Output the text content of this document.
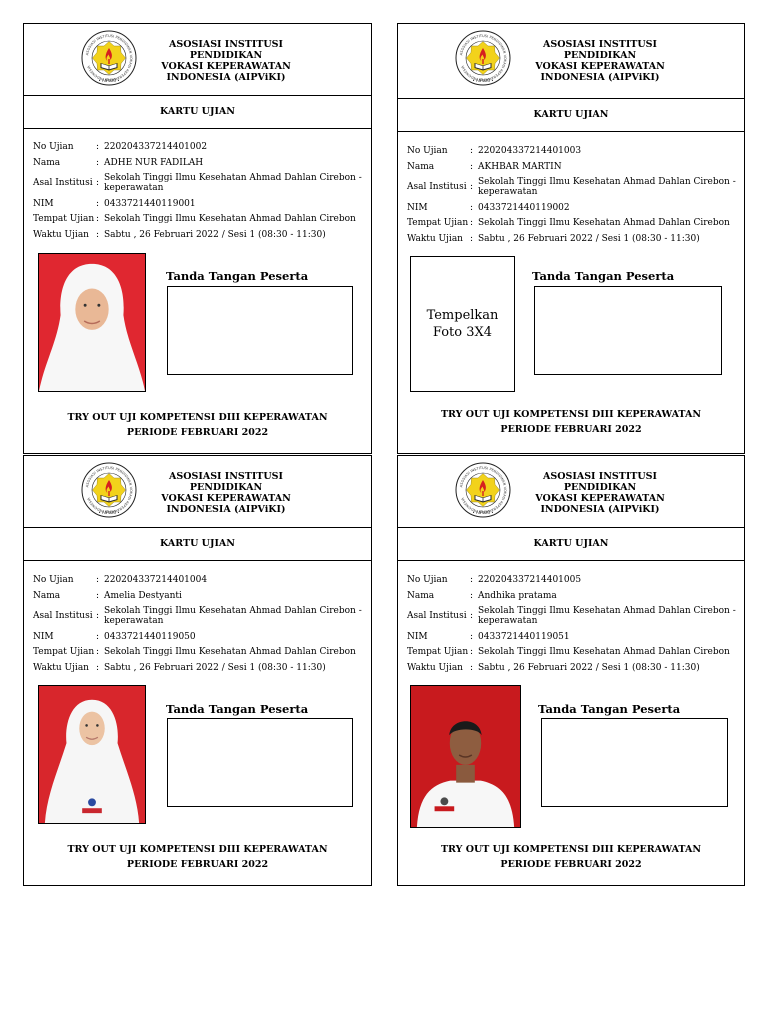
ASOSIASI INSTITUSI PENDIDIKAN
VOKASI KEPERAWATAN
INDONESIA (AIPViKI)
KARTU UJIAN
No Ujian	: 220204337214401002
Nama	: ADHE NUR FADILAH
Asal Institusi : Sekolah Tinggi Ilmu Kesehatan Ahmad Dahlan Cirebon - keperawatan
NIM	: 0433721440119001
Tempat Ujian : Sekolah Tinggi Ilmu Kesehatan Ahmad Dahlan Cirebon
Waktu Ujian : Sabtu , 26 Februari 2022 / Sesi 1 (08:30 - 11:30)
Tanda Tangan Peserta
TRY OUT UJI KOMPETENSI DIII KEPERAWATAN
PERIODE FEBRUARI 2022
ASOSIASI INSTITUSI PENDIDIKAN
VOKASI KEPERAWATAN
INDONESIA (AIPViKI)
KARTU UJIAN
No Ujian	: 220204337214401003
Nama	: AKHBAR MARTIN
Asal Institusi : Sekolah Tinggi Ilmu Kesehatan Ahmad Dahlan Cirebon - keperawatan
NIM	: 0433721440119002
Tempat Ujian : Sekolah Tinggi Ilmu Kesehatan Ahmad Dahlan Cirebon
Waktu Ujian : Sabtu , 26 Februari 2022 / Sesi 1 (08:30 - 11:30)
Tempelkan
Foto 3X4
Tanda Tangan Peserta
TRY OUT UJI KOMPETENSI DIII KEPERAWATAN
PERIODE FEBRUARI 2022
ASOSIASI INSTITUSI PENDIDIKAN
VOKASI KEPERAWATAN
INDONESIA (AIPViKI)
KARTU UJIAN
No Ujian	: 220204337214401004
Nama	: Amelia Destyanti
Asal Institusi : Sekolah Tinggi Ilmu Kesehatan Ahmad Dahlan Cirebon - keperawatan
NIM	: 0433721440119050
Tempat Ujian : Sekolah Tinggi Ilmu Kesehatan Ahmad Dahlan Cirebon
Waktu Ujian : Sabtu , 26 Februari 2022 / Sesi 1 (08:30 - 11:30)
Tanda Tangan Peserta
TRY OUT UJI KOMPETENSI DIII KEPERAWATAN
PERIODE FEBRUARI 2022
ASOSIASI INSTITUSI PENDIDIKAN
VOKASI KEPERAWATAN
INDONESIA (AIPViKI)
KARTU UJIAN
No Ujian	: 220204337214401005
Nama	: Andhika pratama
Asal Institusi : Sekolah Tinggi Ilmu Kesehatan Ahmad Dahlan Cirebon - keperawatan
NIM	: 0433721440119051
Tempat Ujian : Sekolah Tinggi Ilmu Kesehatan Ahmad Dahlan Cirebon
Waktu Ujian : Sabtu , 26 Februari 2022 / Sesi 1 (08:30 - 11:30)
Tanda Tangan Peserta
TRY OUT UJI KOMPETENSI DIII KEPERAWATAN
PERIODE FEBRUARI 2022
